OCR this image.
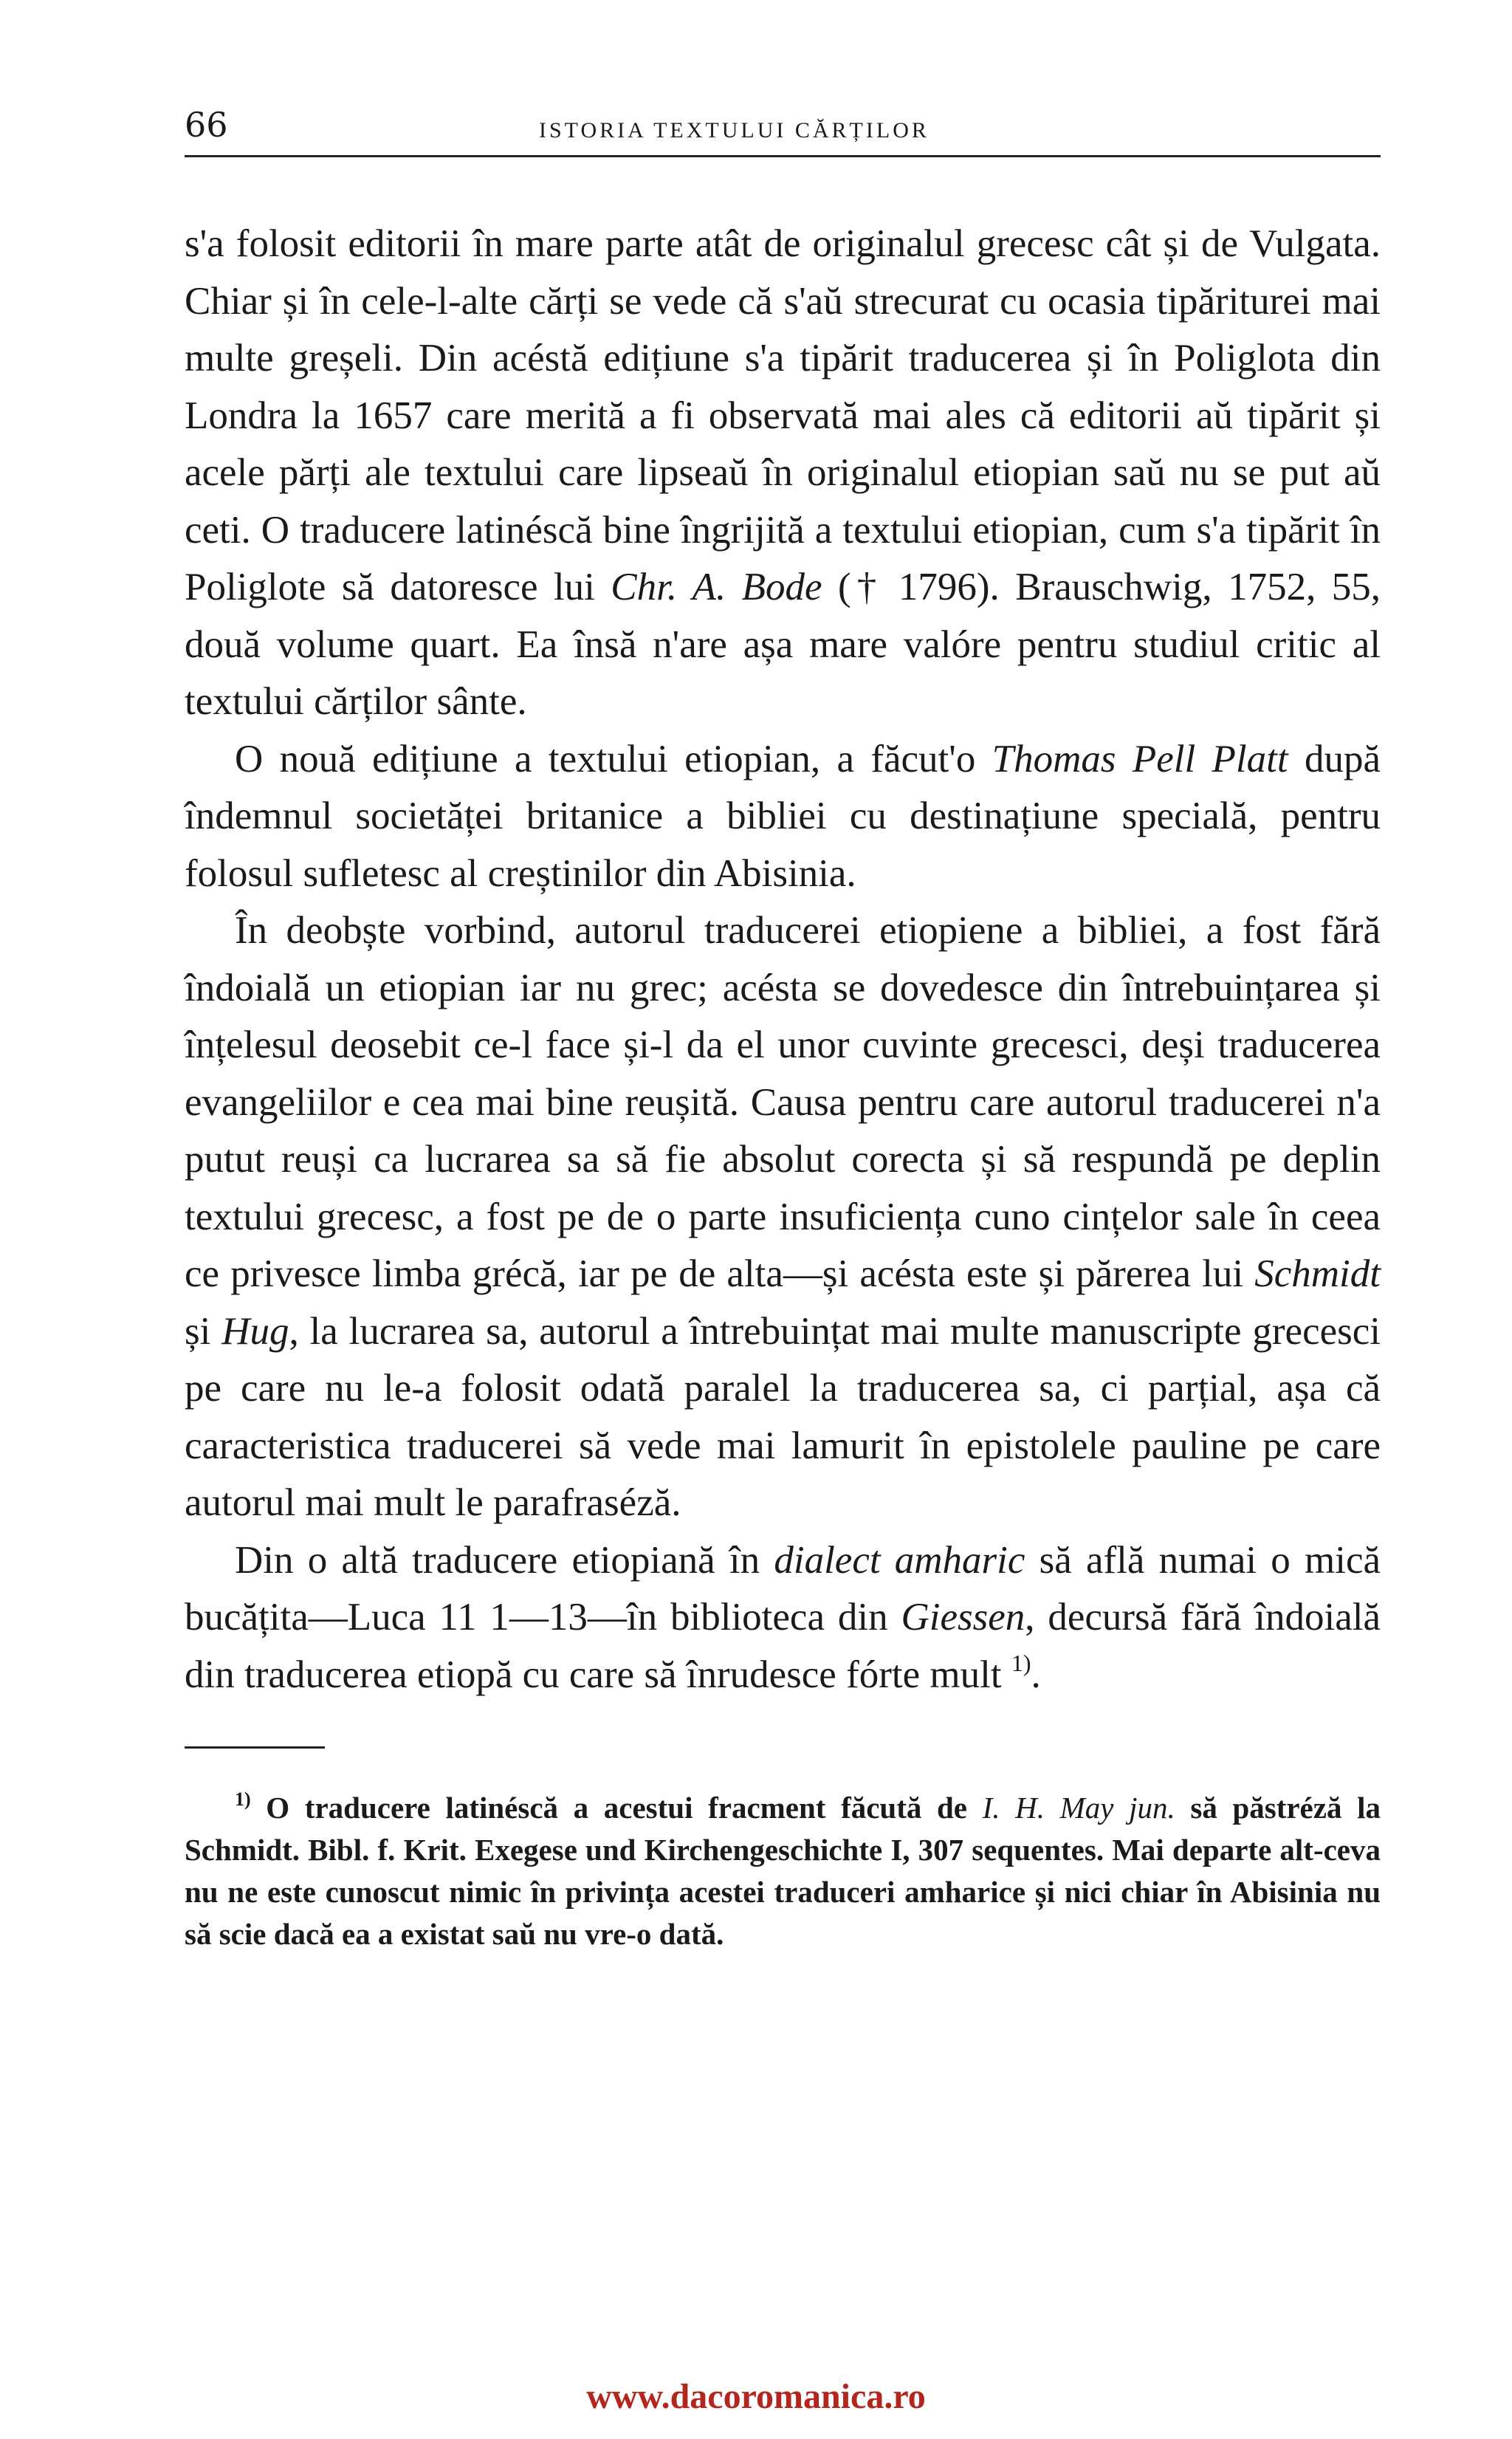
66	ISTORIA TEXTULUI CĂRȚILOR

s'a folosit editorii în mare parte atât de originalul grecesc cât și de Vulgata. Chiar și în cele-l-alte cărți se vede că s'aŭ strecurat cu ocasia tipăriturei mai multe greșeli. Din acéstă edițiune s'a tipărit traducerea și în Poliglota din Londra la 1657 care merită a fi observată mai ales că editorii aŭ tipărit și acele părți ale textului care lipseaŭ în originalul etiopian saŭ nu se put aŭ ceti. O traducere latinéscă bine îngrijită a textului etiopian, cum s'a tipărit în Poliglote să datoresce lui Chr. A. Bode († 1796). Brauschwig, 1752, 55, două volume quart. Ea însă n'are așa mare valóre pentru studiul critic al textului cărților sânte.

O nouă edițiune a textului etiopian, a făcut'o Thomas Pell Platt după îndemnul societăței britanice a bibliei cu destinațiune specială, pentru folosul sufletesc al creștinilor din Abisinia.

În deobște vorbind, autorul traducerei etiopiene a bibliei, a fost fără îndoială un etiopian iar nu grec; acésta se dovedesce din întrebuințarea și înțelesul deosebit ce-l face și-l da el unor cuvinte grecesci, deși traducerea evangeliilor e cea mai bine reușită. Causa pentru care autorul traducerei n'a putut reuși ca lucrarea sa să fie absolut corecta și să respundă pe deplin textului grecesc, a fost pe de o parte insuficiența cuno cințelor sale în ceea ce privesce limba grécă, iar pe de alta—și acésta este și părerea lui Schmidt și Hug, la lucrarea sa, autorul a întrebuințat mai multe manuscripte grecesci pe care nu le-a folosit odată paralel la traducerea sa, ci parțial, așa că caracteristica traducerei să vede mai lamurit în epistolele pauline pe care autorul mai mult le parafraséză.

Din o altă traducere etiopiană în dialect amharic să află numai o mică bucățita—Luca 11 1—13—în biblioteca din Giessen, decursă fără îndoială din traducerea etiopă cu care să înrudesce fórte mult $^{1)}$.

$^{1)}$ O traducere latinéscă a acestui fracment făcută de I. H. May jun. să păstréză la Schmidt. Bibl. f. Krit. Exegese und Kirchengeschichte I, 307 sequentes. Mai departe alt-ceva nu ne este cunoscut nimic în privința acestei traduceri amharice și nici chiar în Abisinia nu să scie dacă ea a existat saŭ nu vre-o dată.

www.dacoromanica.ro
